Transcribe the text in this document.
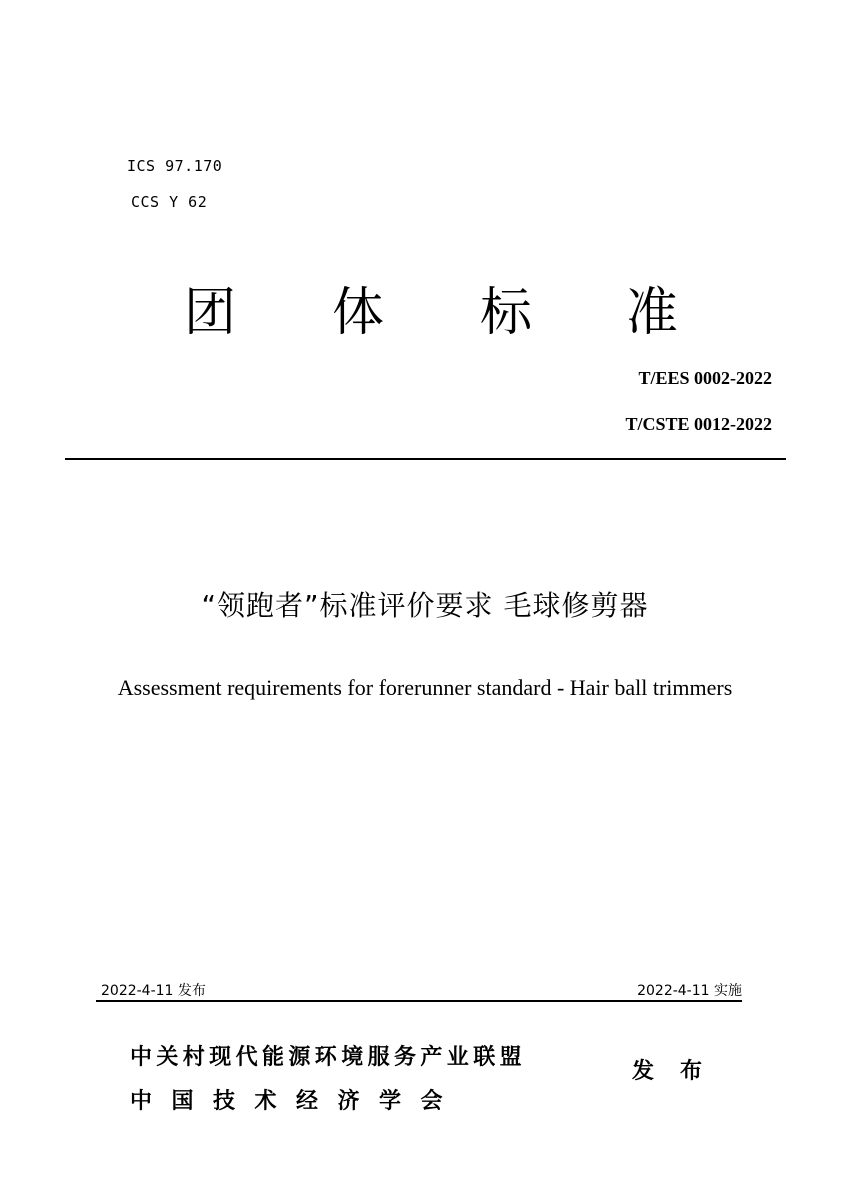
ICS 97.170
CCS Y 62
团 体 标 准
T/EES 0002-2022
T/CSTE 0012-2022
“领跑者”标准评价要求 毛球修剪器
Assessment requirements for forerunner standard - Hair ball trimmers
2022-4-11 发布	2022-4-11 实施
中关村现代能源环境服务产业联盟
中国技术经济学会
发布
